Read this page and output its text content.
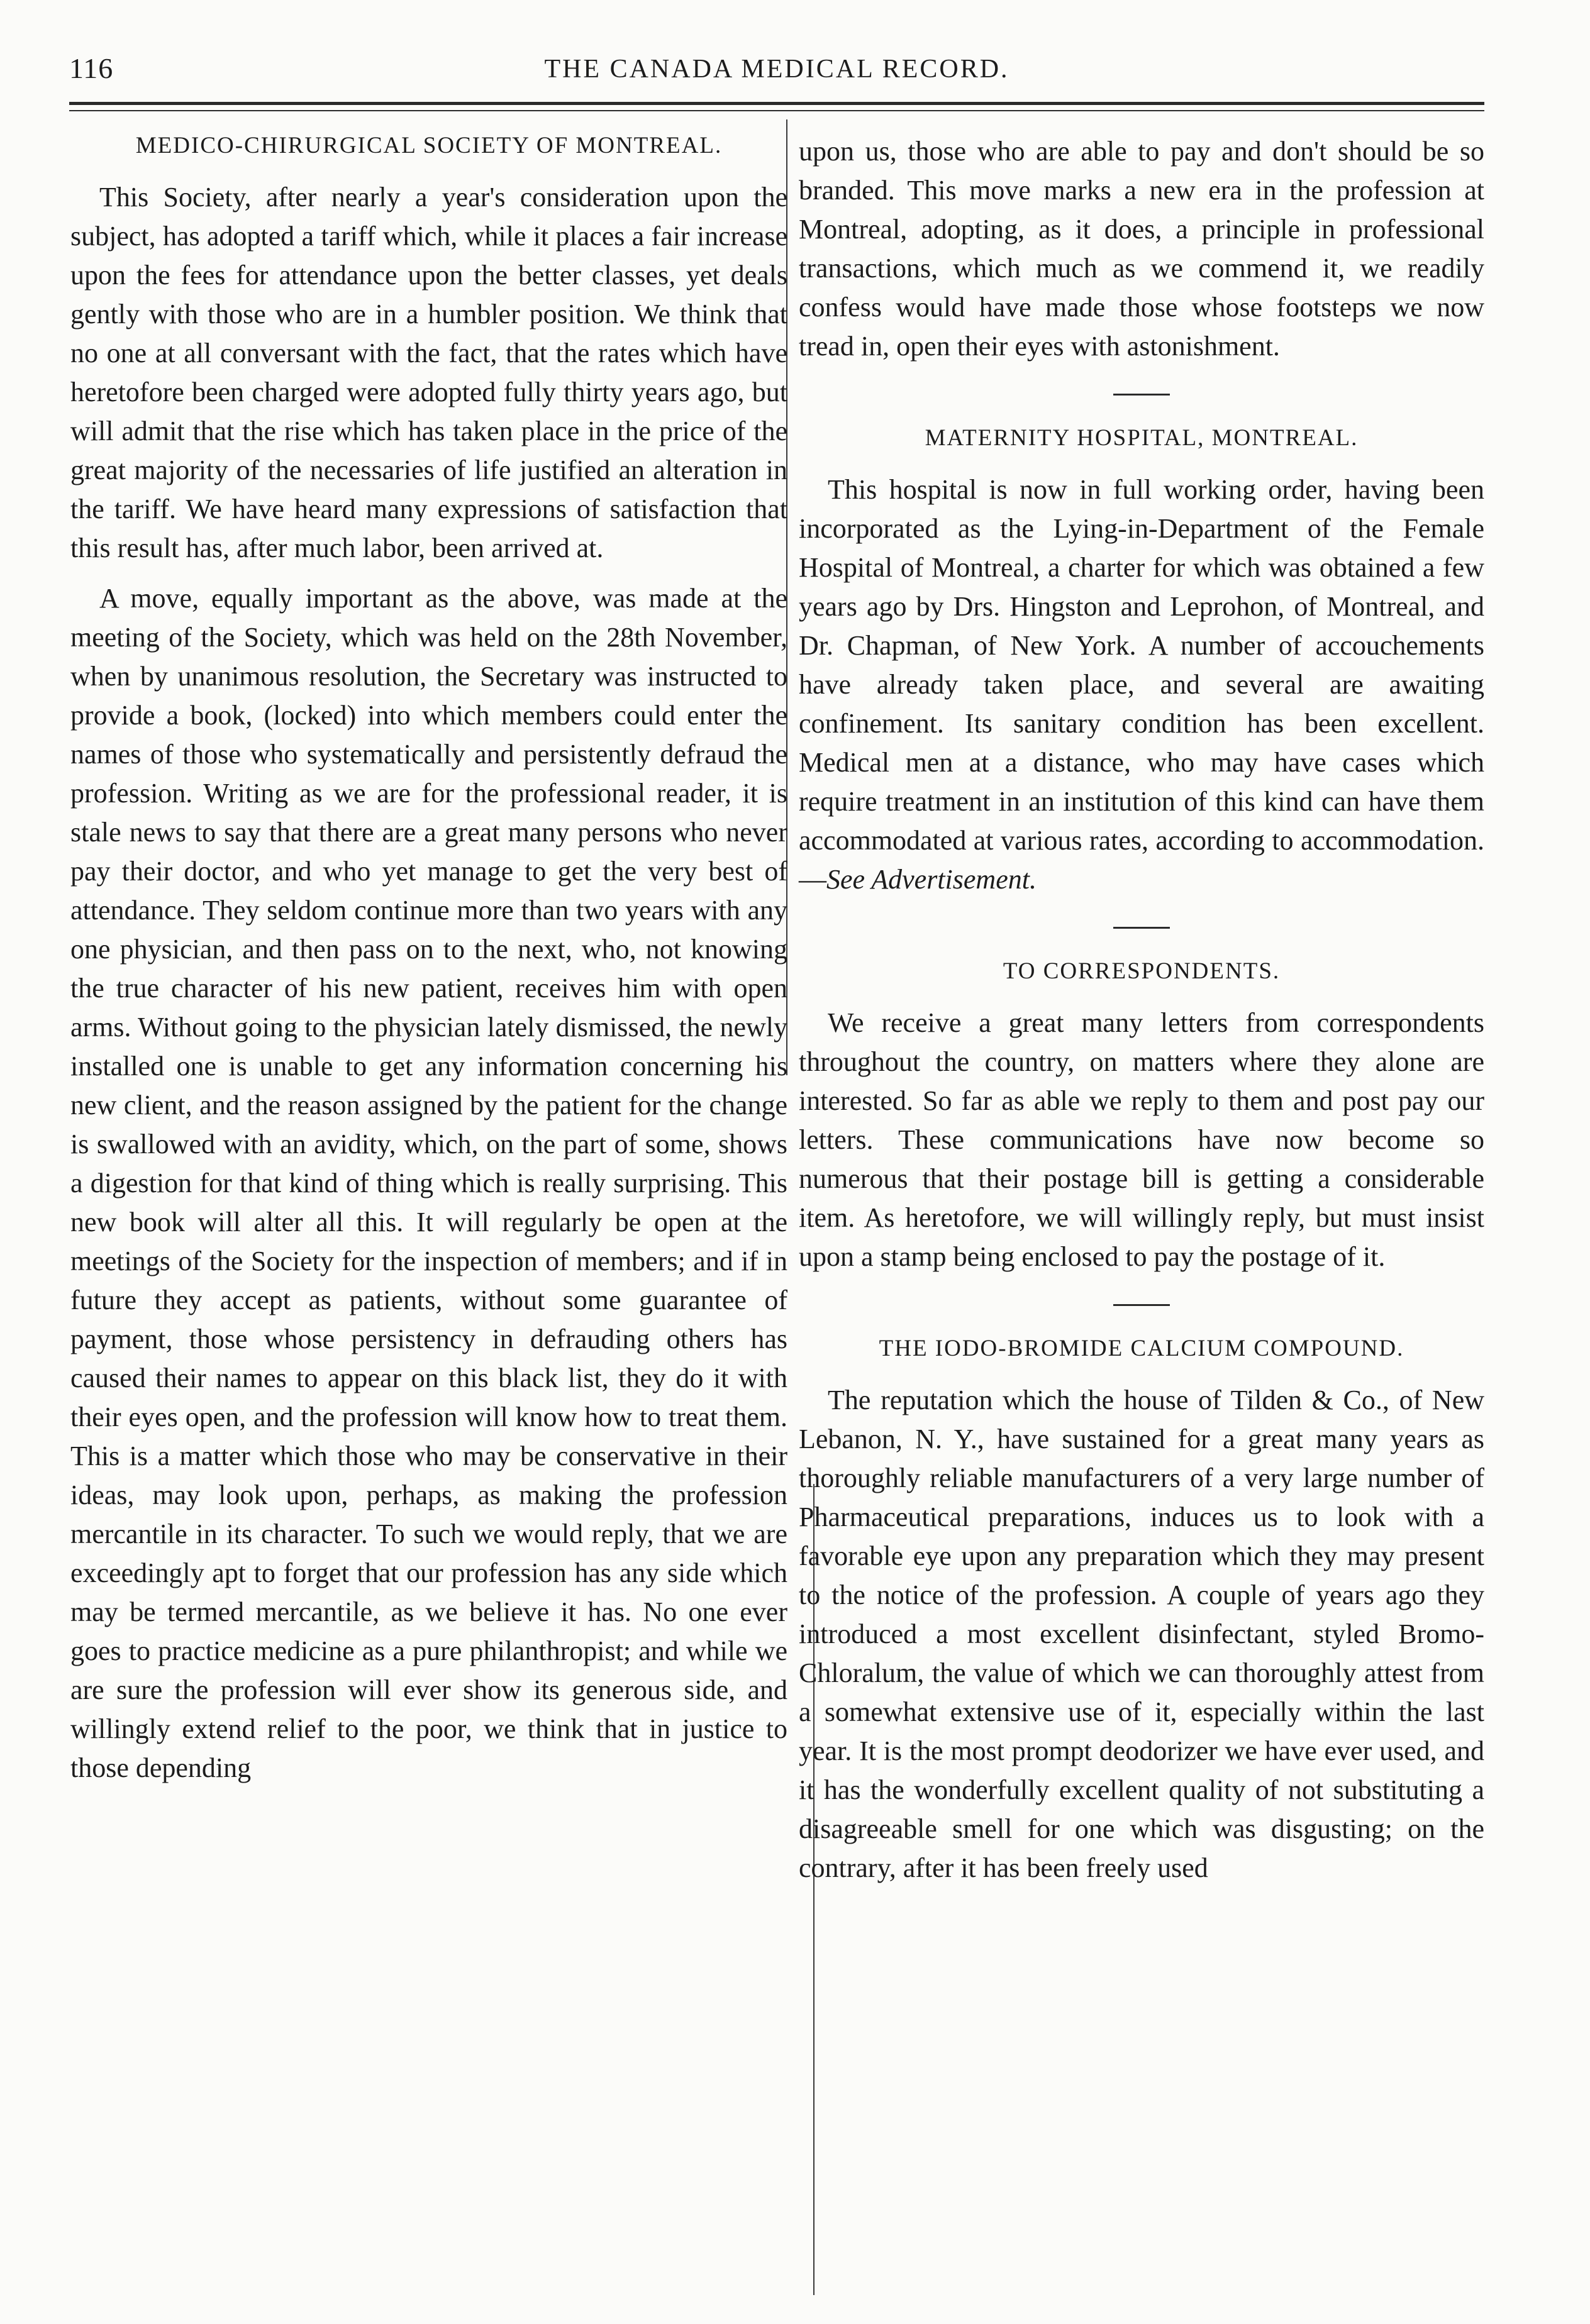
116	THE CANADA MEDICAL RECORD.
MEDICO-CHIRURGICAL SOCIETY OF MONTREAL.

This Society, after nearly a year's consideration upon the subject, has adopted a tariff which, while it places a fair increase upon the fees for attendance upon the better classes, yet deals gently with those who are in a humbler position. We think that no one at all conversant with the fact, that the rates which have heretofore been charged were adopted fully thirty years ago, but will admit that the rise which has taken place in the price of the great majority of the necessaries of life justified an alteration in the tariff. We have heard many expressions of satisfaction that this result has, after much labor, been arrived at.

A move, equally important as the above, was made at the meeting of the Society, which was held on the 28th November, when by unanimous resolution, the Secretary was instructed to provide a book, (locked) into which members could enter the names of those who systematically and persistently defraud the profession. Writing as we are for the professional reader, it is stale news to say that there are a great many persons who never pay their doctor, and who yet manage to get the very best of attendance. They seldom continue more than two years with any one physician, and then pass on to the next, who, not knowing the true character of his new patient, receives him with open arms. Without going to the physician lately dismissed, the newly installed one is unable to get any information concerning his new client, and the reason assigned by the patient for the change is swallowed with an avidity, which, on the part of some, shows a digestion for that kind of thing which is really surprising. This new book will alter all this. It will regularly be open at the meetings of the Society for the inspection of members; and if in future they accept as patients, without some guarantee of payment, those whose persistency in defrauding others has caused their names to appear on this black list, they do it with their eyes open, and the profession will know how to treat them. This is a matter which those who may be conservative in their ideas, may look upon, perhaps, as making the profession mercantile in its character. To such we would reply, that we are exceedingly apt to forget that our profession has any side which may be termed mercantile, as we believe it has. No one ever goes to practice medicine as a pure philanthropist; and while we are sure the profession will ever show its generous side, and willingly extend relief to the poor, we think that in justice to those depending

upon us, those who are able to pay and don't should be so branded. This move marks a new era in the profession at Montreal, adopting, as it does, a principle in professional transactions, which much as we commend it, we readily confess would have made those whose footsteps we now tread in, open their eyes with astonishment.

MATERNITY HOSPITAL, MONTREAL.

This hospital is now in full working order, having been incorporated as the Lying-in-Department of the Female Hospital of Montreal, a charter for which was obtained a few years ago by Drs. Hingston and Leprohon, of Montreal, and Dr. Chapman, of New York. A number of accouchements have already taken place, and several are awaiting confinement. Its sanitary condition has been excellent. Medical men at a distance, who may have cases which require treatment in an institution of this kind can have them accommodated at various rates, according to accommodation.—See Advertisement.

TO CORRESPONDENTS.

We receive a great many letters from correspondents throughout the country, on matters where they alone are interested. So far as able we reply to them and post pay our letters. These communications have now become so numerous that their postage bill is getting a considerable item. As heretofore, we will willingly reply, but must insist upon a stamp being enclosed to pay the postage of it.

THE IODO-BROMIDE CALCIUM COMPOUND.

The reputation which the house of Tilden & Co., of New Lebanon, N. Y., have sustained for a great many years as thoroughly reliable manufacturers of a very large number of Pharmaceutical preparations, induces us to look with a favorable eye upon any preparation which they may present to the notice of the profession. A couple of years ago they introduced a most excellent disinfectant, styled Bromo-Chloralum, the value of which we can thoroughly attest from a somewhat extensive use of it, especially within the last year. It is the most prompt deodorizer we have ever used, and it has the wonderfully excellent quality of not substituting a disagreeable smell for one which was disgusting; on the contrary, after it has been freely used
